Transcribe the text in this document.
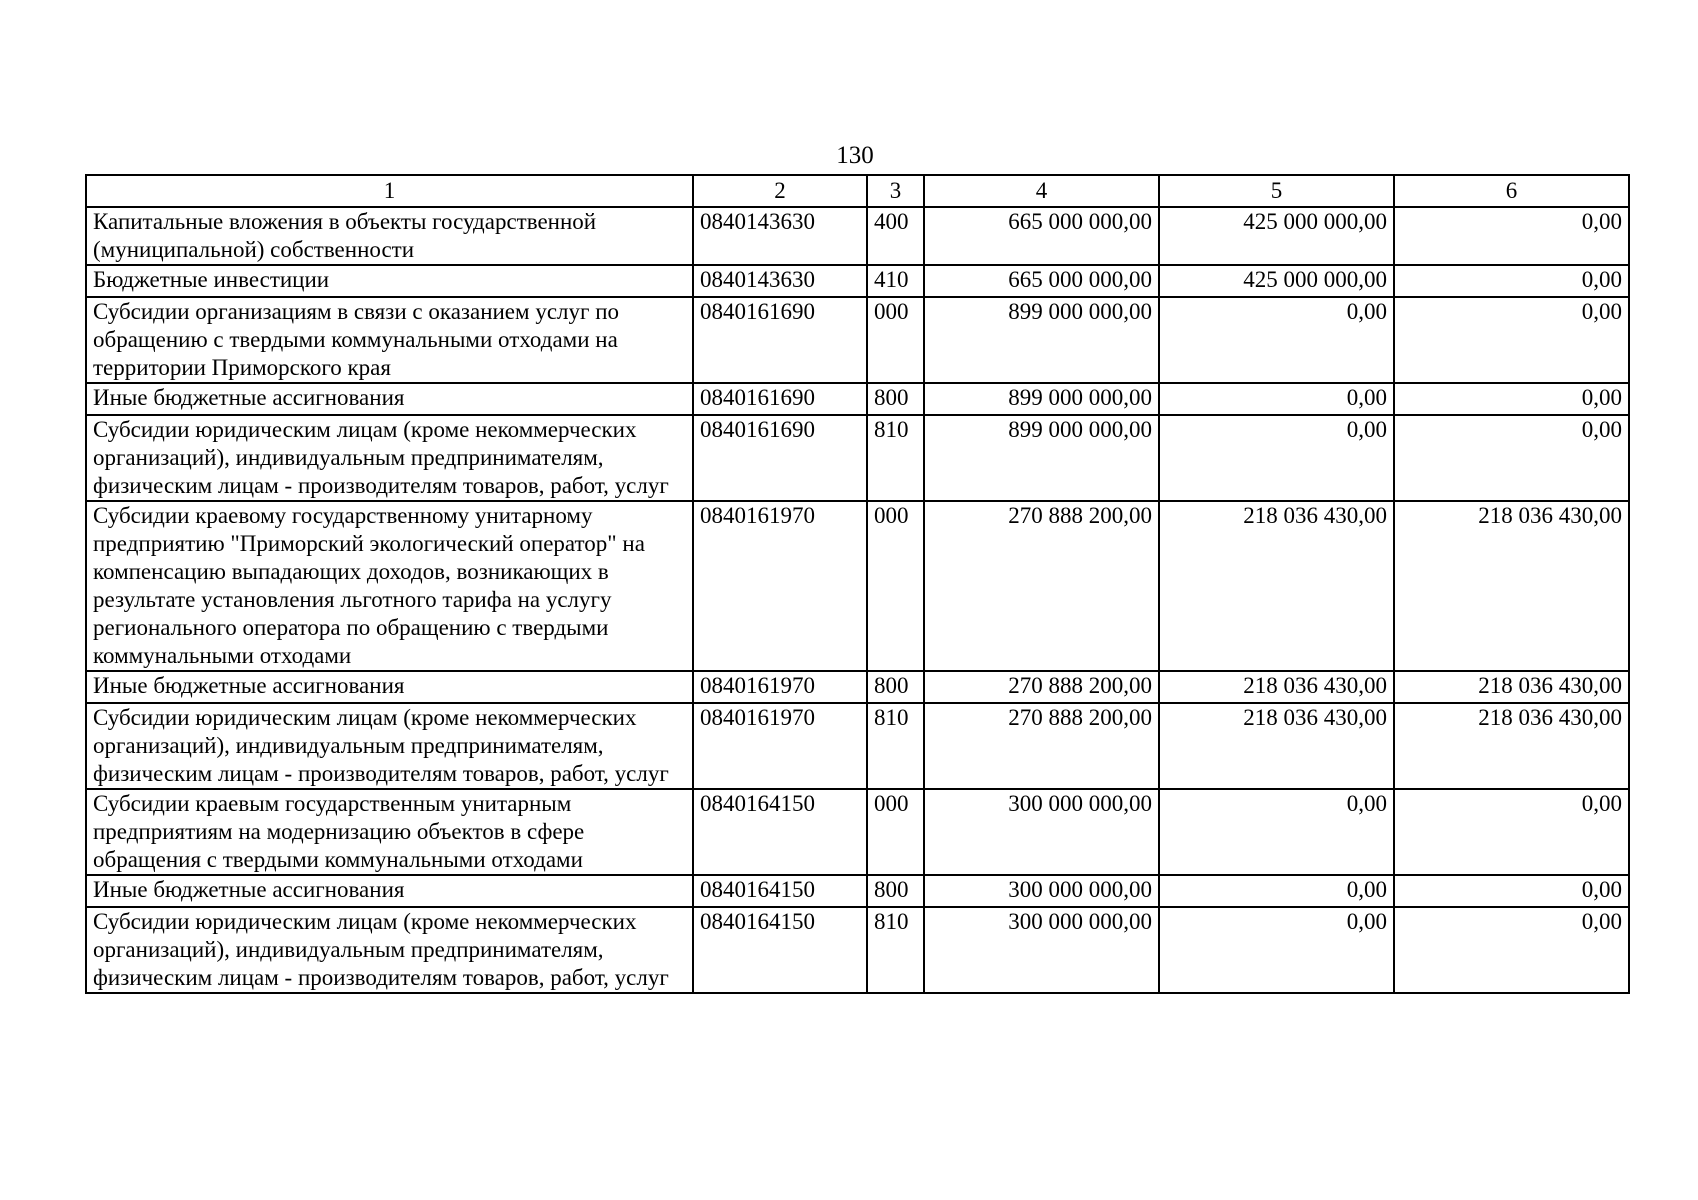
130
1	2	3	4	5	6
Капитальные вложения в объекты государственной (муниципальной) собственности	0840143630	400	665 000 000,00	425 000 000,00	0,00
Бюджетные инвестиции	0840143630	410	665 000 000,00	425 000 000,00	0,00
Субсидии организациям в связи с оказанием услуг по обращению с твердыми коммунальными отходами на территории Приморского края	0840161690	000	899 000 000,00	0,00	0,00
Иные бюджетные ассигнования	0840161690	800	899 000 000,00	0,00	0,00
Субсидии юридическим лицам (кроме некоммерческих организаций), индивидуальным предпринимателям, физическим лицам - производителям товаров, работ, услуг	0840161690	810	899 000 000,00	0,00	0,00
Субсидии краевому государственному унитарному предприятию "Приморский экологический оператор" на компенсацию выпадающих доходов, возникающих в результате установления льготного тарифа на услугу регионального оператора по обращению с твердыми коммунальными отходами	0840161970	000	270 888 200,00	218 036 430,00	218 036 430,00
Иные бюджетные ассигнования	0840161970	800	270 888 200,00	218 036 430,00	218 036 430,00
Субсидии юридическим лицам (кроме некоммерческих организаций), индивидуальным предпринимателям, физическим лицам - производителям товаров, работ, услуг	0840161970	810	270 888 200,00	218 036 430,00	218 036 430,00
Субсидии краевым государственным унитарным предприятиям на модернизацию объектов в сфере обращения с твердыми коммунальными отходами	0840164150	000	300 000 000,00	0,00	0,00
Иные бюджетные ассигнования	0840164150	800	300 000 000,00	0,00	0,00
Субсидии юридическим лицам (кроме некоммерческих организаций), индивидуальным предпринимателям, физическим лицам - производителям товаров, работ, услуг	0840164150	810	300 000 000,00	0,00	0,00
